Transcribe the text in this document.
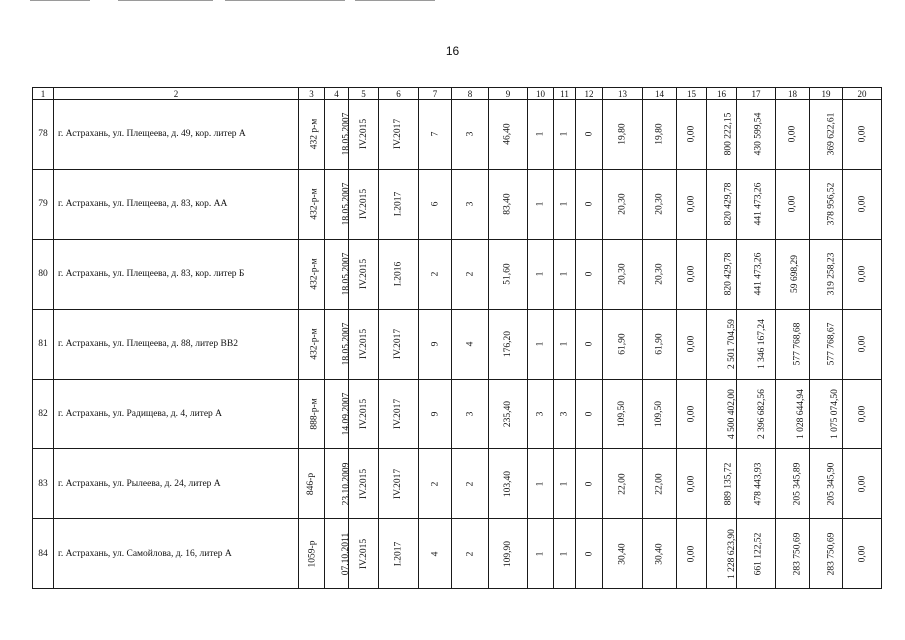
16
1	2	3	4	5	6	7	8	9	10	11	12	13	14	15	16	17	18	19	20
78	г. Астрахань, ул. Плещеева, д. 49, кор. литер А	432 р-м	18.05.2007	IV.2015	IV.2017	7	3	46,40	1	1	0	19,80	19,80	0,00	800 222,15	430 599,54	0,00	369 622,61	0,00
79	г. Астрахань, ул. Плещеева, д. 83, кор. АА	432-р-м	18.05.2007	IV.2015	I.2017	6	3	83,40	1	1	0	20,30	20,30	0,00	820 429,78	441 473,26	0,00	378 956,52	0,00
80	г. Астрахань, ул. Плещеева, д. 83, кор. литер Б	432-р-м	18.05.2007	IV.2015	I.2016	2	2	51,60	1	1	0	20,30	20,30	0,00	820 429,78	441 473,26	59 698,29	319 258,23	0,00
81	г. Астрахань, ул. Плещеева, д. 88, литер ВВ2	432-р-м	18.05.2007	IV.2015	IV.2017	9	4	176,20	1	1	0	61,90	61,90	0,00	2 501 704,59	1 346 167,24	577 768,68	577 768,67	0,00
82	г. Астрахань, ул. Радищева, д. 4, литер А	888-р-м	14.09.2007	IV.2015	IV.2017	9	3	235,40	3	3	0	109,50	109,50	0,00	4 500 402,00	2 396 682,56	1 028 644,94	1 075 074,50	0,00
83	г. Астрахань, ул. Рылеева, д. 24, литер А	846-р	23.10.2009	IV.2015	IV.2017	2	2	103,40	1	1	0	22,00	22,00	0,00	889 135,72	478 443,93	205 345,89	205 345,90	0,00
84	г. Астрахань, ул. Самойлова, д. 16, литер А	1059-р	07.10.2011	IV.2015	I.2017	4	2	109,90	1	1	0	30,40	30,40	0,00	1 228 623,90	661 122,52	283 750,69	283 750,69	0,00
